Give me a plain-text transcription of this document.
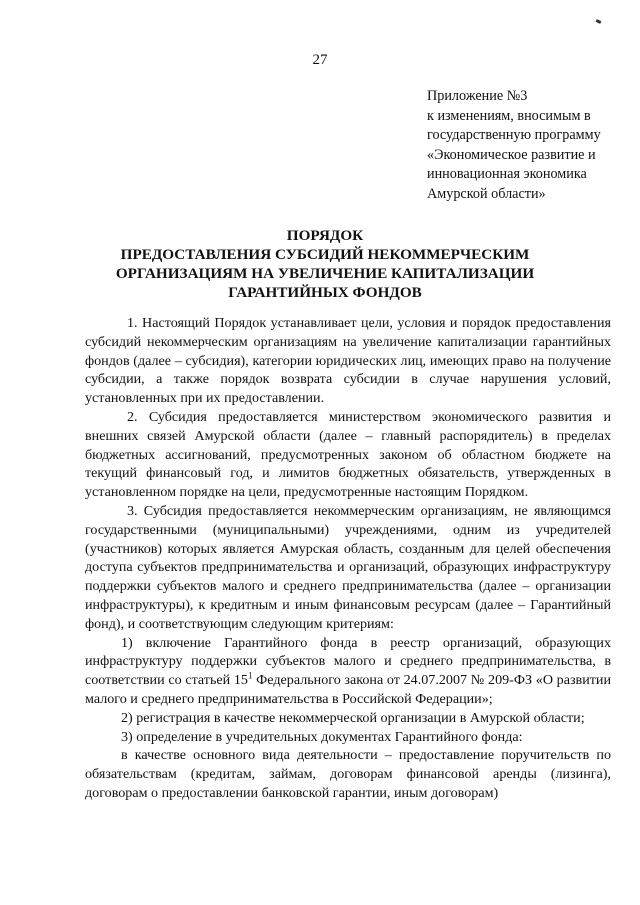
27
Приложение №3
к изменениям, вносимым в
государственную программу
«Экономическое развитие и
инновационная экономика
Амурской области»
ПОРЯДОК
ПРЕДОСТАВЛЕНИЯ СУБСИДИЙ НЕКОММЕРЧЕСКИМ
ОРГАНИЗАЦИЯМ НА УВЕЛИЧЕНИЕ КАПИТАЛИЗАЦИИ
ГАРАНТИЙНЫХ ФОНДОВ

1. Настоящий Порядок устанавливает цели, условия и порядок предоставления субсидий некоммерческим организациям на увеличение капитализации гарантийных фондов (далее – субсидия), категории юридических лиц, имеющих право на получение субсидии, а также порядок возврата субсидии в случае нарушения условий, установленных при их предоставлении.

2. Субсидия предоставляется министерством экономического развития и внешних связей Амурской области (далее – главный распорядитель) в пределах бюджетных ассигнований, предусмотренных законом об областном бюджете на текущий финансовый год, и лимитов бюджетных обязательств, утвержденных в установленном порядке на цели, предусмотренные настоящим Порядком.

3. Субсидия предоставляется некоммерческим организациям, не являющимся государственными (муниципальными) учреждениями, одним из учредителей (участников) которых является Амурская область, созданным для целей обеспечения доступа субъектов предпринимательства и организаций, образующих инфраструктуру поддержки субъектов малого и среднего предпринимательства (далее – организации инфраструктуры), к кредитным и иным финансовым ресурсам (далее – Гарантийный фонд), и соответствующим следующим критериям:

1) включение Гарантийного фонда в реестр организаций, образующих инфраструктуру поддержки субъектов малого и среднего предпринимательства, в соответствии со статьей $15^1$ Федерального закона от 24.07.2007 № 209-ФЗ «О развитии малого и среднего предпринимательства в Российской Федерации»;

2) регистрация в качестве некоммерческой организации в Амурской области;

3) определение в учредительных документах Гарантийного фонда:

в качестве основного вида деятельности – предоставление поручительств по обязательствам (кредитам, займам, договорам финансовой аренды (лизинга), договорам о предоставлении банковской гарантии, иным договорам)
